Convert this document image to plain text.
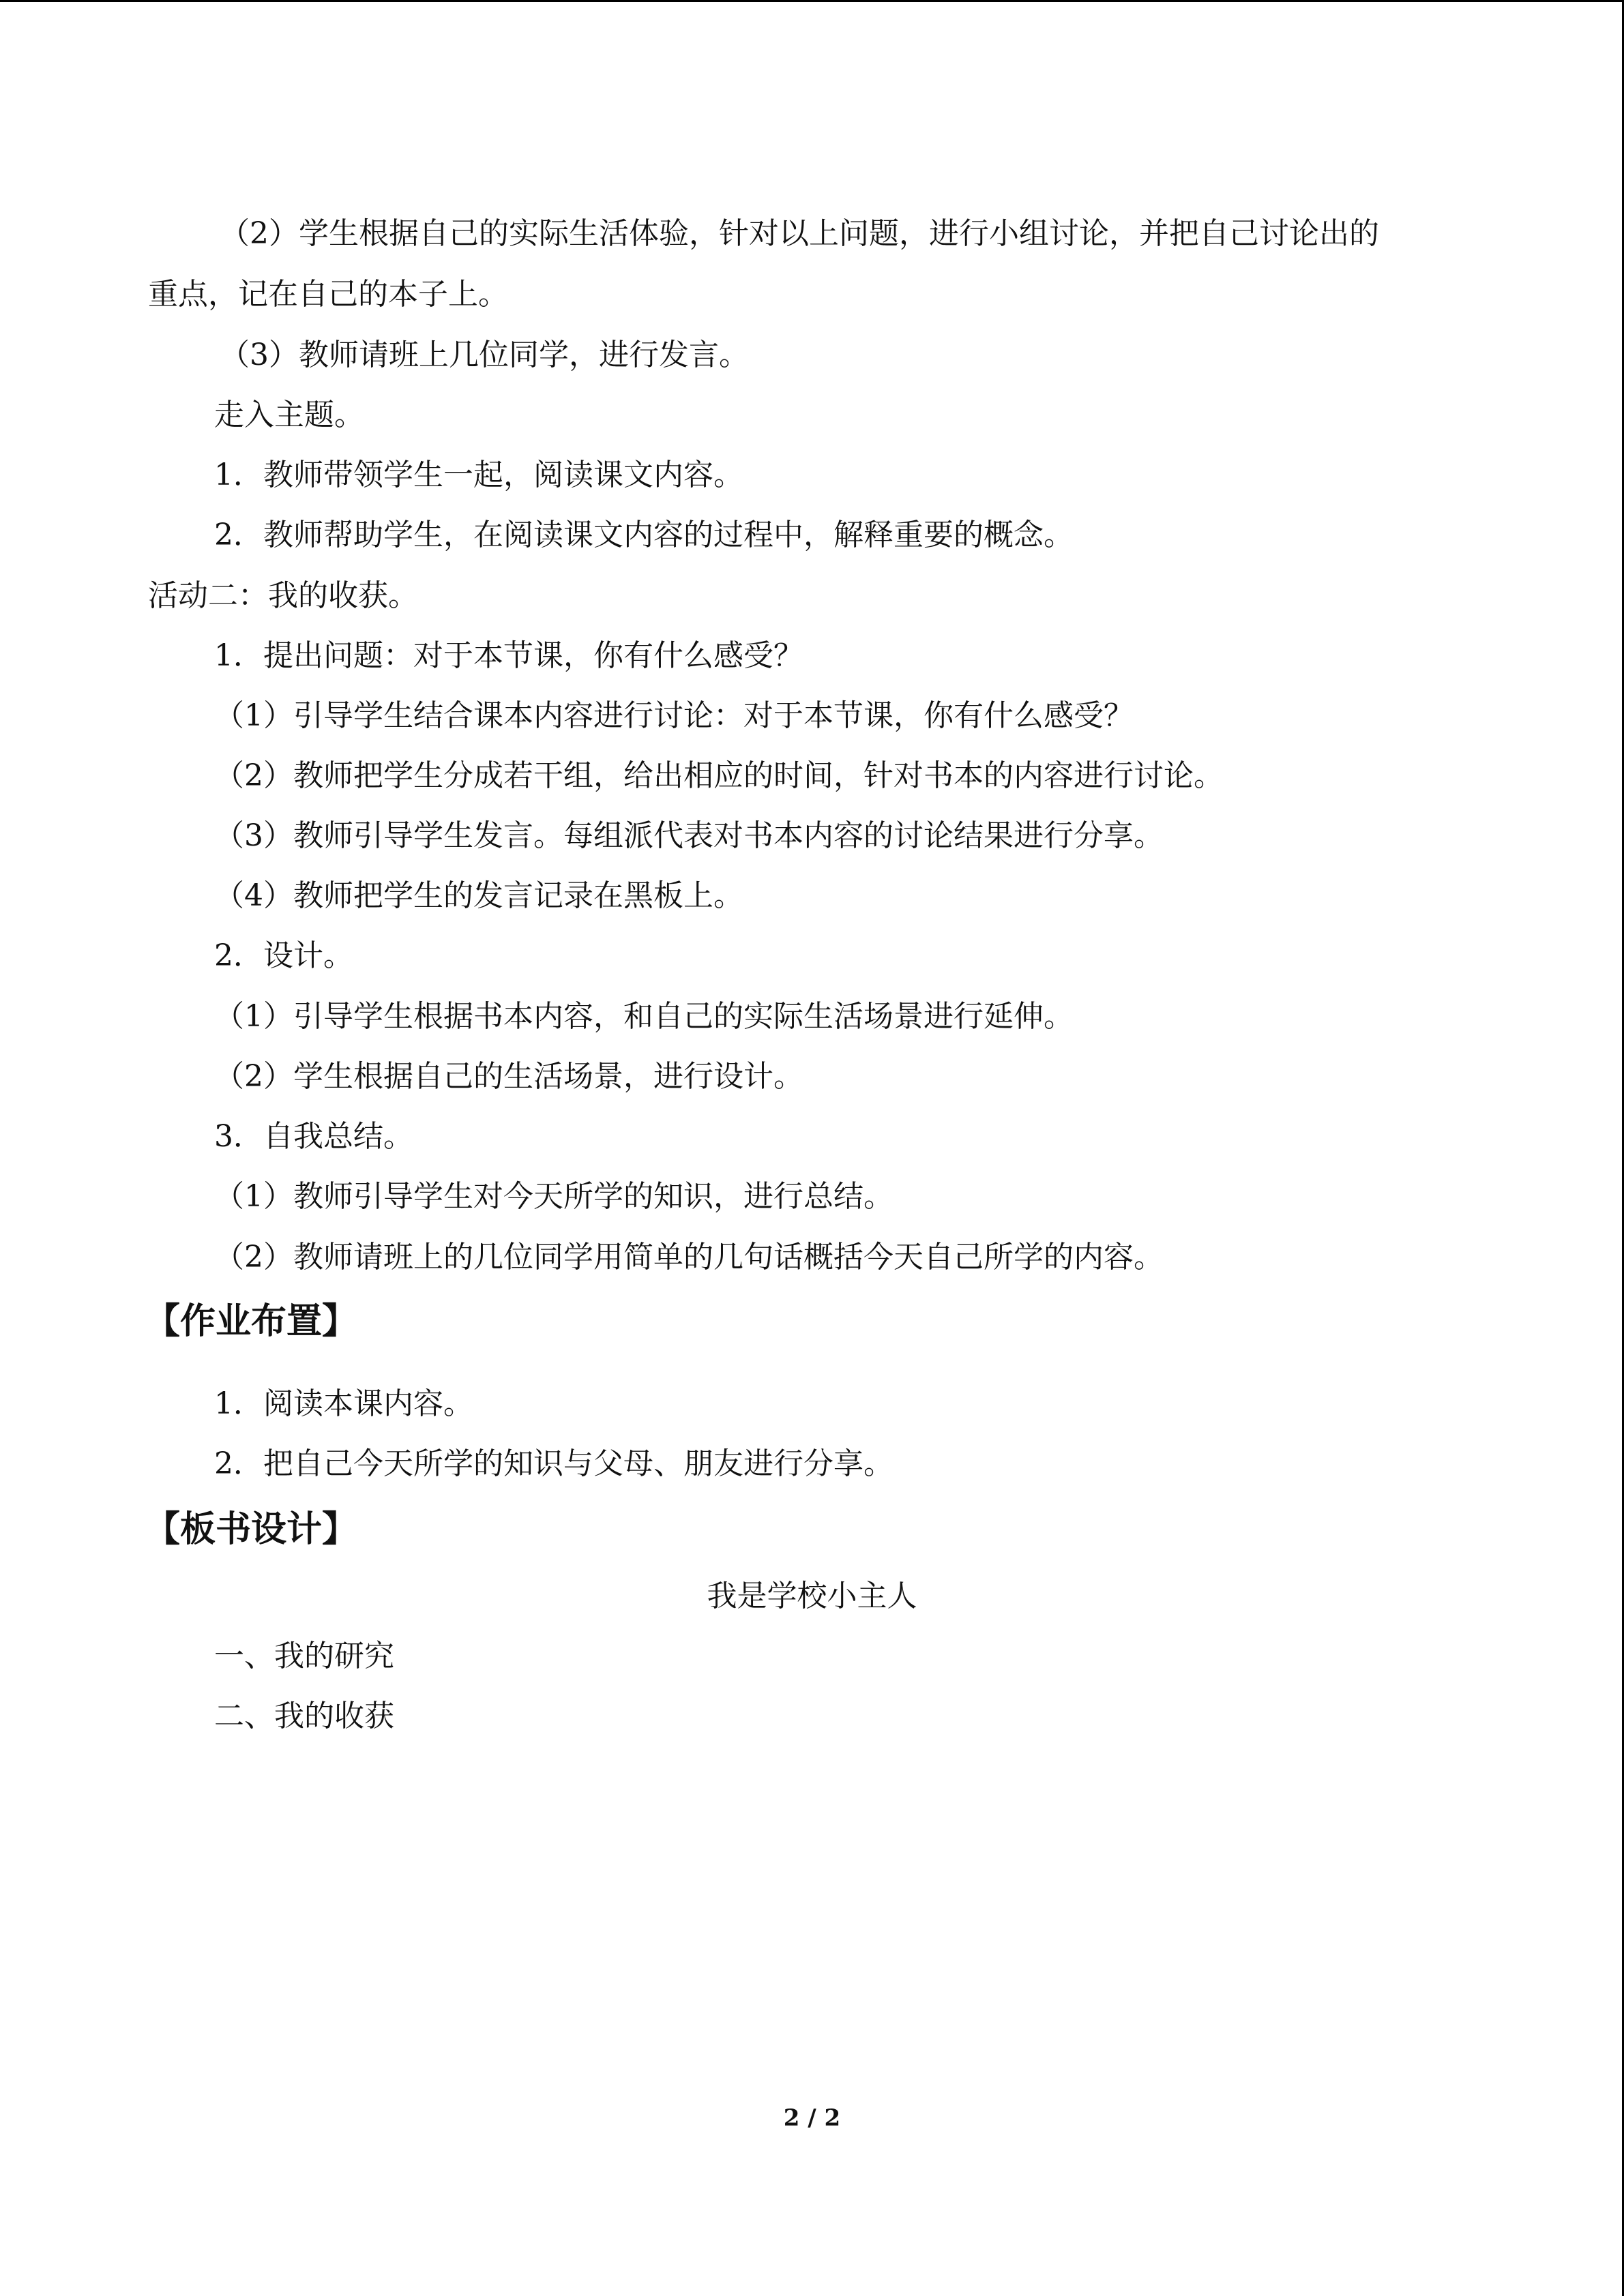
（2）学生根据自己的实际生活体验，针对以上问题，进行小组讨论，并把自己讨论出的
重点，记在自己的本子上。
（3）教师请班上几位同学，进行发言。
走入主题。
1．教师带领学生一起，阅读课文内容。
2．教师帮助学生，在阅读课文内容的过程中，解释重要的概念。
活动二：我的收获。
1．提出问题：对于本节课，你有什么感受？
（1）引导学生结合课本内容进行讨论：对于本节课，你有什么感受？
（2）教师把学生分成若干组，给出相应的时间，针对书本的内容进行讨论。
（3）教师引导学生发言。每组派代表对书本内容的讨论结果进行分享。
（4）教师把学生的发言记录在黑板上。
2．设计。
（1）引导学生根据书本内容，和自己的实际生活场景进行延伸。
（2）学生根据自己的生活场景，进行设计。
3．自我总结。
（1）教师引导学生对今天所学的知识，进行总结。
（2）教师请班上的几位同学用简单的几句话概括今天自己所学的内容。
【作业布置】
1．阅读本课内容。
2．把自己今天所学的知识与父母、朋友进行分享。
【板书设计】
我是学校小主人
一、我的研究
二、我的收获
2 / 2
